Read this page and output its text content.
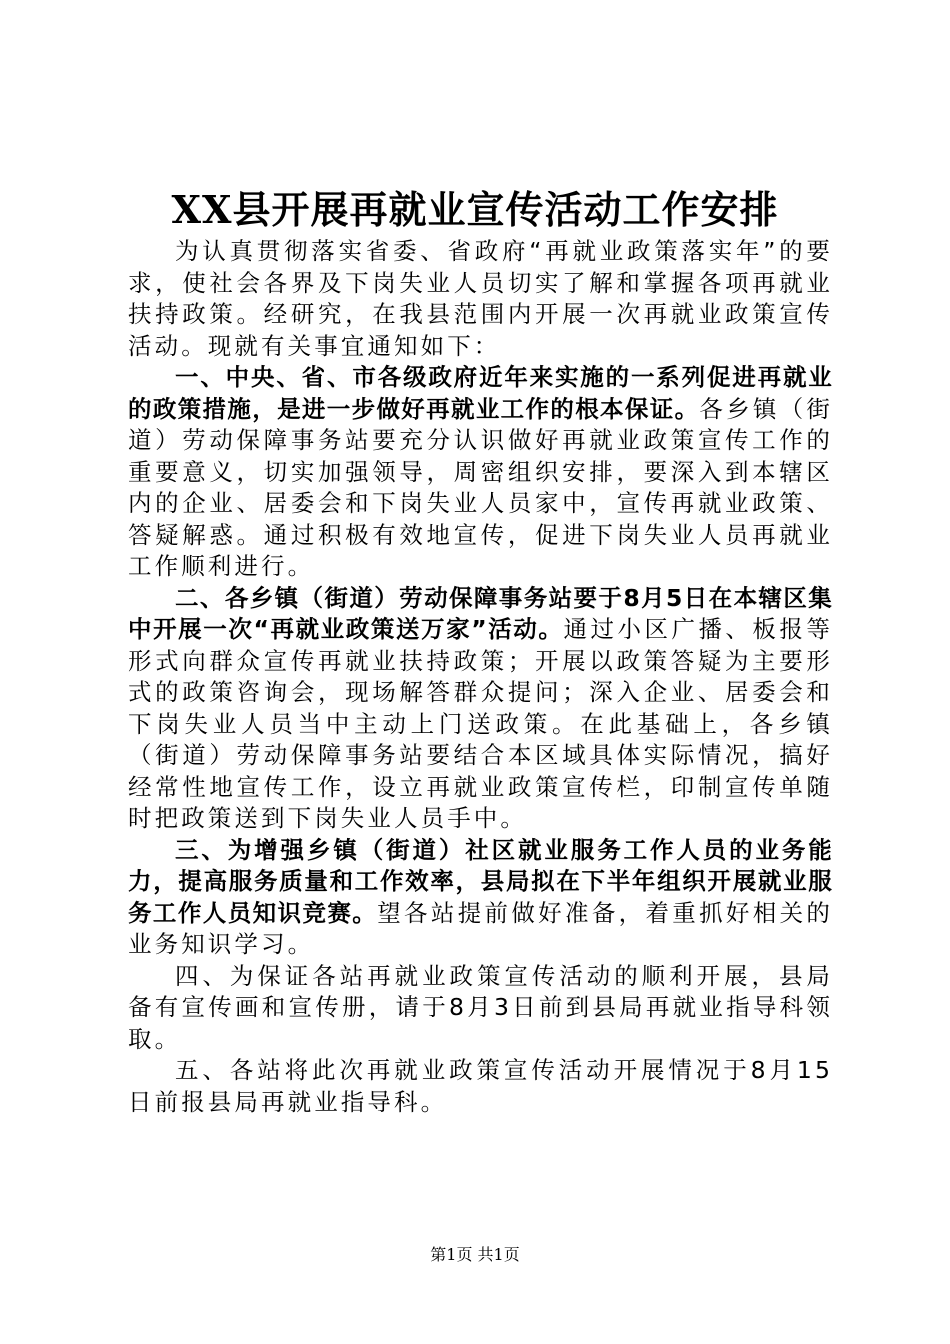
XX县开展再就业宣传活动工作安排

为认真贯彻落实省委、省政府“再就业政策落实年”的要求，使社会各界及下岗失业人员切实了解和掌握各项再就业扶持政策。经研究，在我县范围内开展一次再就业政策宣传活动。现就有关事宜通知如下：

一、中央、省、市各级政府近年来实施的一系列促进再就业的政策措施，是进一步做好再就业工作的根本保证。各乡镇（街道）劳动保障事务站要充分认识做好再就业政策宣传工作的重要意义，切实加强领导，周密组织安排，要深入到本辖区内的企业、居委会和下岗失业人员家中，宣传再就业政策、答疑解惑。通过积极有效地宣传，促进下岗失业人员再就业工作顺利进行。

二、各乡镇（街道）劳动保障事务站要于8月5日在本辖区集中开展一次“再就业政策送万家”活动。通过小区广播、板报等形式向群众宣传再就业扶持政策；开展以政策答疑为主要形式的政策咨询会，现场解答群众提问；深入企业、居委会和下岗失业人员当中主动上门送政策。在此基础上，各乡镇（街道）劳动保障事务站要结合本区域具体实际情况，搞好经常性地宣传工作，设立再就业政策宣传栏，印制宣传单随时把政策送到下岗失业人员手中。

三、为增强乡镇（街道）社区就业服务工作人员的业务能力，提高服务质量和工作效率，县局拟在下半年组织开展就业服务工作人员知识竞赛。望各站提前做好准备，着重抓好相关的业务知识学习。

四、为保证各站再就业政策宣传活动的顺利开展，县局备有宣传画和宣传册，请于8月3日前到县局再就业指导科领取。

五、各站将此次再就业政策宣传活动开展情况于8月15日前报县局再就业指导科。

第1页 共1页
